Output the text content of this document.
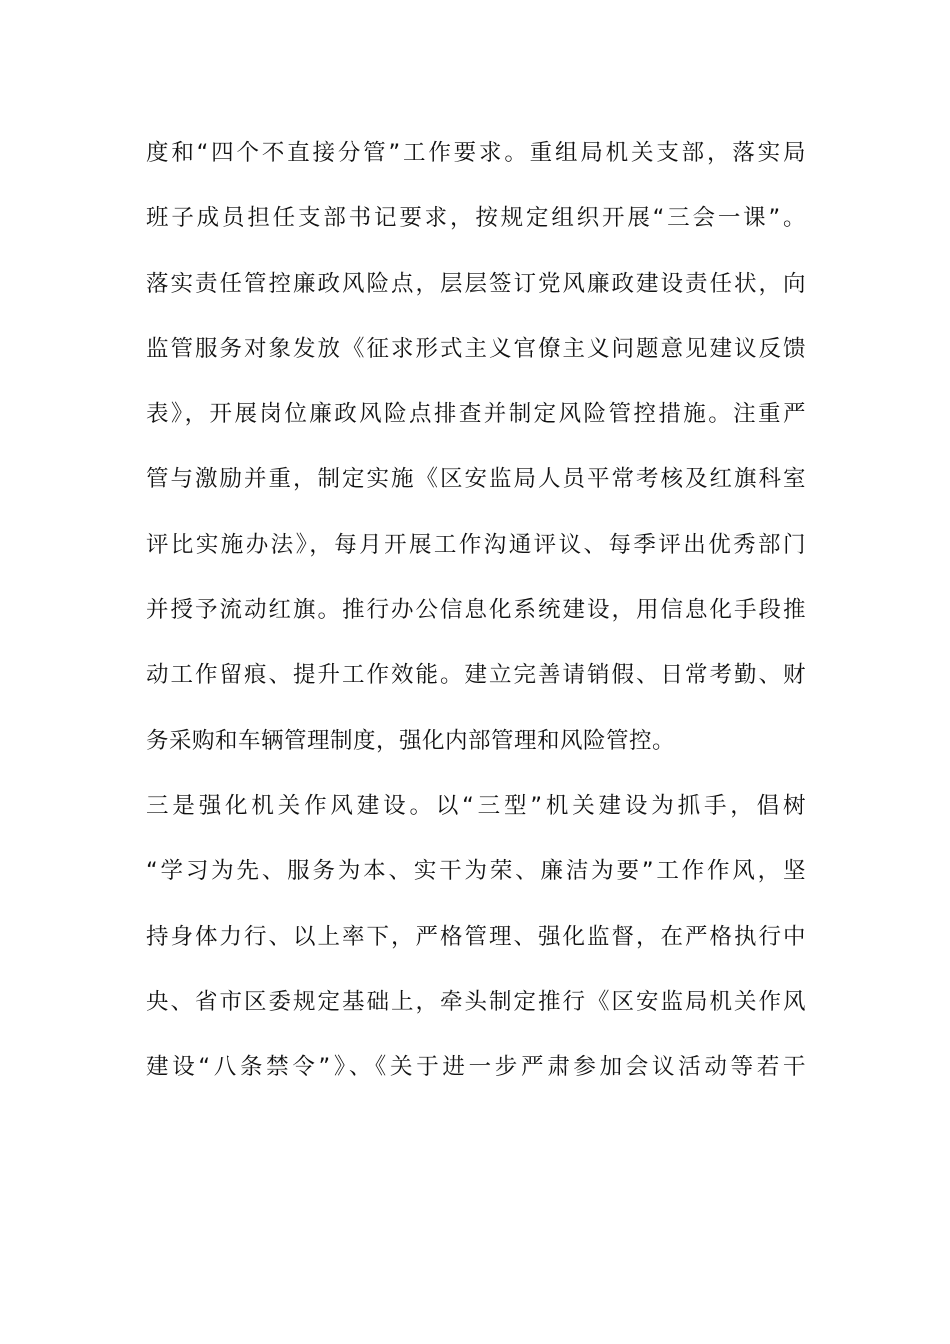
度和“四个不直接分管”工作要求。重组局机关支部，落实局
班子成员担任支部书记要求，按规定组织开展“三会一课”。
落实责任管控廉政风险点，层层签订党风廉政建设责任状，向
监管服务对象发放《征求形式主义官僚主义问题意见建议反馈
表》，开展岗位廉政风险点排查并制定风险管控措施。注重严
管与激励并重，制定实施《区安监局人员平常考核及红旗科室
评比实施办法》，每月开展工作沟通评议、每季评出优秀部门
并授予流动红旗。推行办公信息化系统建设，用信息化手段推
动工作留痕、提升工作效能。建立完善请销假、日常考勤、财
务采购和车辆管理制度，强化内部管理和风险管控。
三是强化机关作风建设。以“三型”机关建设为抓手，倡树
“学习为先、服务为本、实干为荣、廉洁为要”工作作风，坚
持身体力行、以上率下，严格管理、强化监督，在严格执行中
央、省市区委规定基础上，牵头制定推行《区安监局机关作风
建设“八条禁令”》、《关于进一步严肃参加会议活动等若干
